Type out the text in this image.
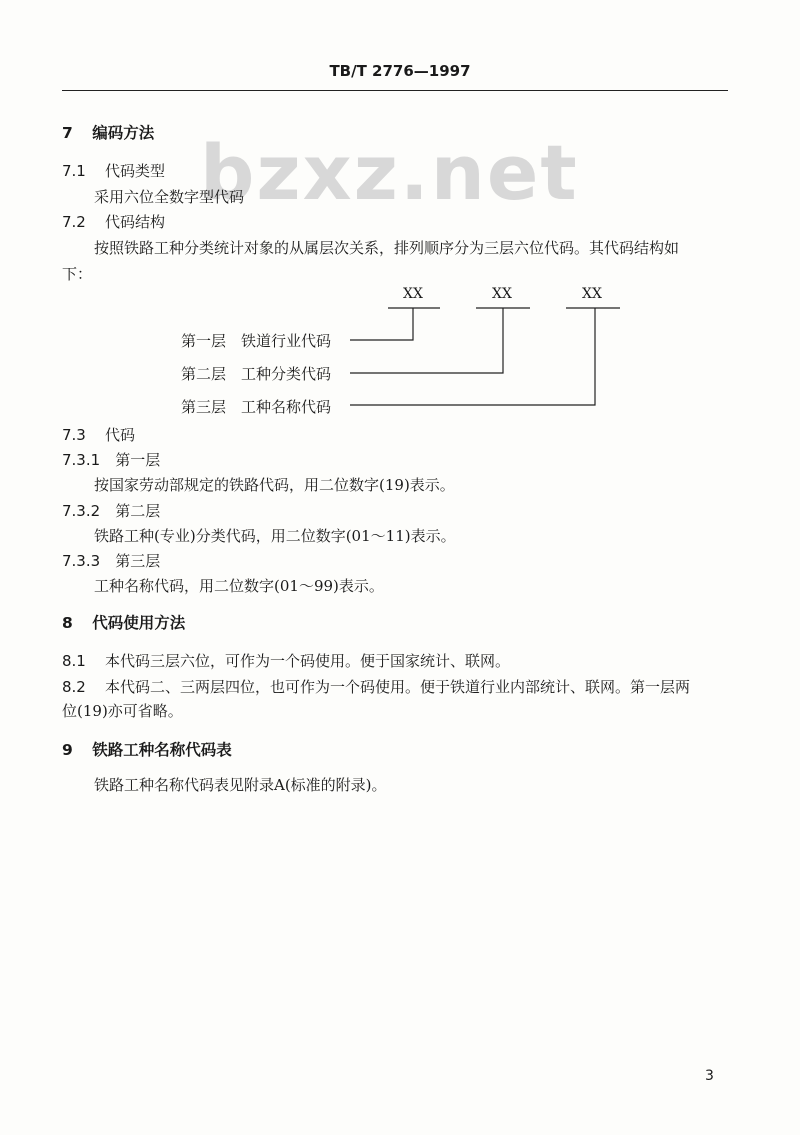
TB/T 2776—1997
bzxz.net
7 编码方法
7.1 代码类型
采用六位全数字型代码
7.2 代码结构
按照铁路工种分类统计对象的从属层次关系，排列顺序分为三层六位代码。其代码结构如
下：
XX	XX	XX
第一层　铁道行业代码
第二层　工种分类代码
第三层　工种名称代码
7.3 代码
7.3.1 第一层
按国家劳动部规定的铁路代码，用二位数字(19)表示。
7.3.2 第二层
铁路工种(专业)分类代码，用二位数字(01～11)表示。
7.3.3 第三层
工种名称代码，用二位数字(01～99)表示。
8 代码使用方法
8.1 本代码三层六位，可作为一个码使用。便于国家统计、联网。
8.2 本代码二、三两层四位，也可作为一个码使用。便于铁道行业内部统计、联网。第一层两
位(19)亦可省略。
9 铁路工种名称代码表
铁路工种名称代码表见附录A(标准的附录)。
3
